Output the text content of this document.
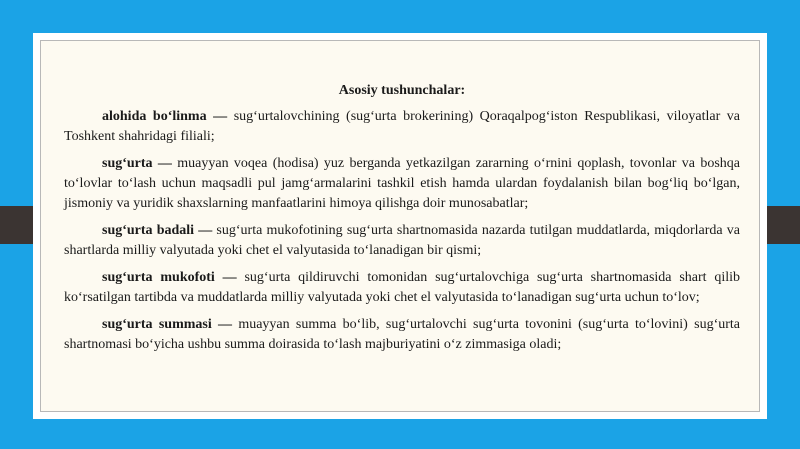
Asosiy tushunchalar:

alohida bo‘linma — sug‘urtalovchining (sug‘urta brokerining) Qoraqalpog‘iston Respublikasi, viloyatlar va Toshkent shahridagi filiali;

sug‘urta — muayyan voqea (hodisa) yuz berganda yetkazilgan zararning o‘rnini qoplash, tovonlar va boshqa to‘lovlar to‘lash uchun maqsadli pul jamg‘armalarini tashkil etish hamda ulardan foydalanish bilan bog‘liq bo‘lgan, jismoniy va yuridik shaxslarning manfaatlarini himoya qilishga doir munosabatlar;

sug‘urta badali — sug‘urta mukofotining sug‘urta shartnomasida nazarda tutilgan muddatlarda, miqdorlarda va shartlarda milliy valyutada yoki chet el valyutasida to‘lanadigan bir qismi;

sug‘urta mukofoti — sug‘urta qildiruvchi tomonidan sug‘urtalovchiga sug‘urta shartnomasida shart qilib ko‘rsatilgan tartibda va muddatlarda milliy valyutada yoki chet el valyutasida to‘lanadigan sug‘urta uchun to‘lov;

sug‘urta summasi — muayyan summa bo‘lib, sug‘urtalovchi sug‘urta tovonini (sug‘urta to‘lovini) sug‘urta shartnomasi bo‘yicha ushbu summa doirasida to‘lash majburiyatini o‘z zimmasiga oladi;
